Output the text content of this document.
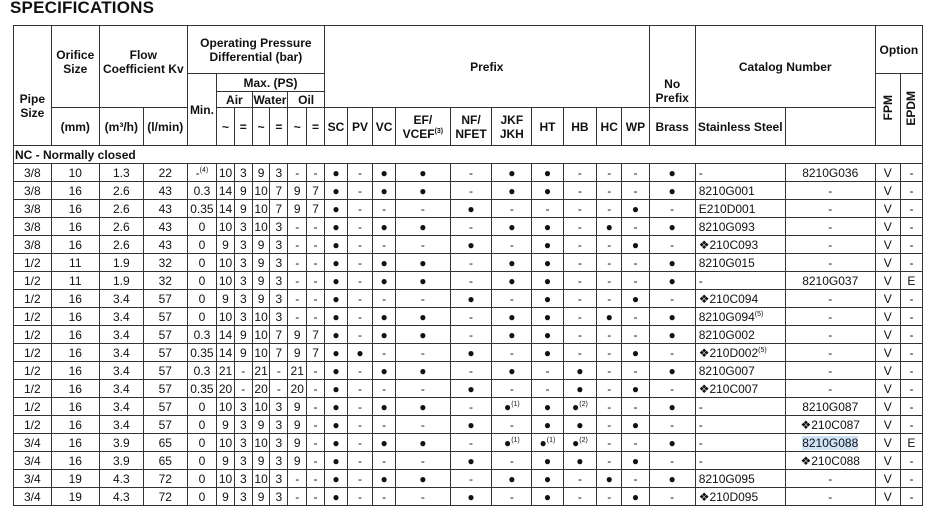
SPECIFICATIONS
Pipe Size	Orifice Size	Flow Coefficient Kv		Operating Pressure Differential (bar)							Prefix										No Prefix	Catalog Number		Option	
				Min.	Max. (PS)																			FPM	EPDM
					Air		Water		Oil																
	(mm)	(m³/h)	(l/min)		~	=	~	=	~	=	SC	PV	VC	EF/ VCEF$^{(3)}$	NF/ NFET	JKF JKH	HT	HB	HC	WP	Brass	Stainless Steel			
NC - Normally closed																									
3/8	10	1.3	22	-$^{(4)}$	10	3	9	3	-	-	●	-	●	●	-	●	●	-	-	-	●	-	8210G036	V	-
3/8	16	2.6	43	0.3	14	9	10	7	9	7	●	-	●	●	-	●	●	-	-	-	●	8210G001	-	V	-
3/8	16	2.6	43	0.35	14	9	10	7	9	7	●	-	-	-	●	-	-	-	-	●	-	E210D001	-	V	-
3/8	16	2.6	43	0	10	3	10	3	-	-	●	-	●	●	-	●	●	-	●	-	●	8210G093	-	V	-
3/8	16	2.6	43	0	9	3	9	3	-	-	●	-	-	-	●	-	●	-	-	●	-	❖210C093	-	V	-
1/2	11	1.9	32	0	10	3	9	3	-	-	●	-	●	●	-	●	●	-	-	-	●	8210G015	-	V	-
1/2	11	1.9	32	0	10	3	9	3	-	-	●	-	●	●	-	●	●	-	-	-	●	-	8210G037	V	E
1/2	16	3.4	57	0	9	3	9	3	-	-	●	-	-	-	●	-	●	-	-	●	-	❖210C094	-	V	-
1/2	16	3.4	57	0	10	3	10	3	-	-	●	-	●	●	-	●	●	-	●	-	●	8210G094$^{(5)}$	-	V	-
1/2	16	3.4	57	0.3	14	9	10	7	9	7	●	-	●	●	-	●	●	-	-	-	●	8210G002	-	V	-
1/2	16	3.4	57	0.35	14	9	10	7	9	7	●	●	-	-	●	-	●	-	-	●	-	❖210D002$^{(5)}$	-	V	-
1/2	16	3.4	57	0.3	21	-	21	-	21	-	●	-	●	●	-	●	-	●	-	-	●	8210G007	-	V	-
1/2	16	3.4	57	0.35	20	-	20	-	20	-	●	-	-	-	●	-	-	●	-	●	-	❖210C007	-	V	-
1/2	16	3.4	57	0	10	3	10	3	9	-	●	-	●	●	-	●$^{(1)}$	●	●$^{(2)}$	-	-	●	-	8210G087	V	-
1/2	16	3.4	57	0	9	3	9	3	9	-	●	-	-	-	●	-	●	●	-	●	-	-	❖210C087	V	-
3/4	16	3.9	65	0	10	3	10	3	9	-	●	-	●	●	-	●$^{(1)}$	●$^{(1)}$	●$^{(2)}$	-	-	●	-	8210G088	V	E
3/4	16	3.9	65	0	9	3	9	3	9	-	●	-	-	-	●	-	●	●	-	●	-	-	❖210C088	V	-
3/4	19	4.3	72	0	10	3	10	3	-	-	●	-	●	●	-	●	●	-	●	-	●	8210G095	-	V	-
3/4	19	4.3	72	0	9	3	9	3	-	-	●	-	-	-	●	-	●	-	-	●	-	❖210D095	-	V	-
